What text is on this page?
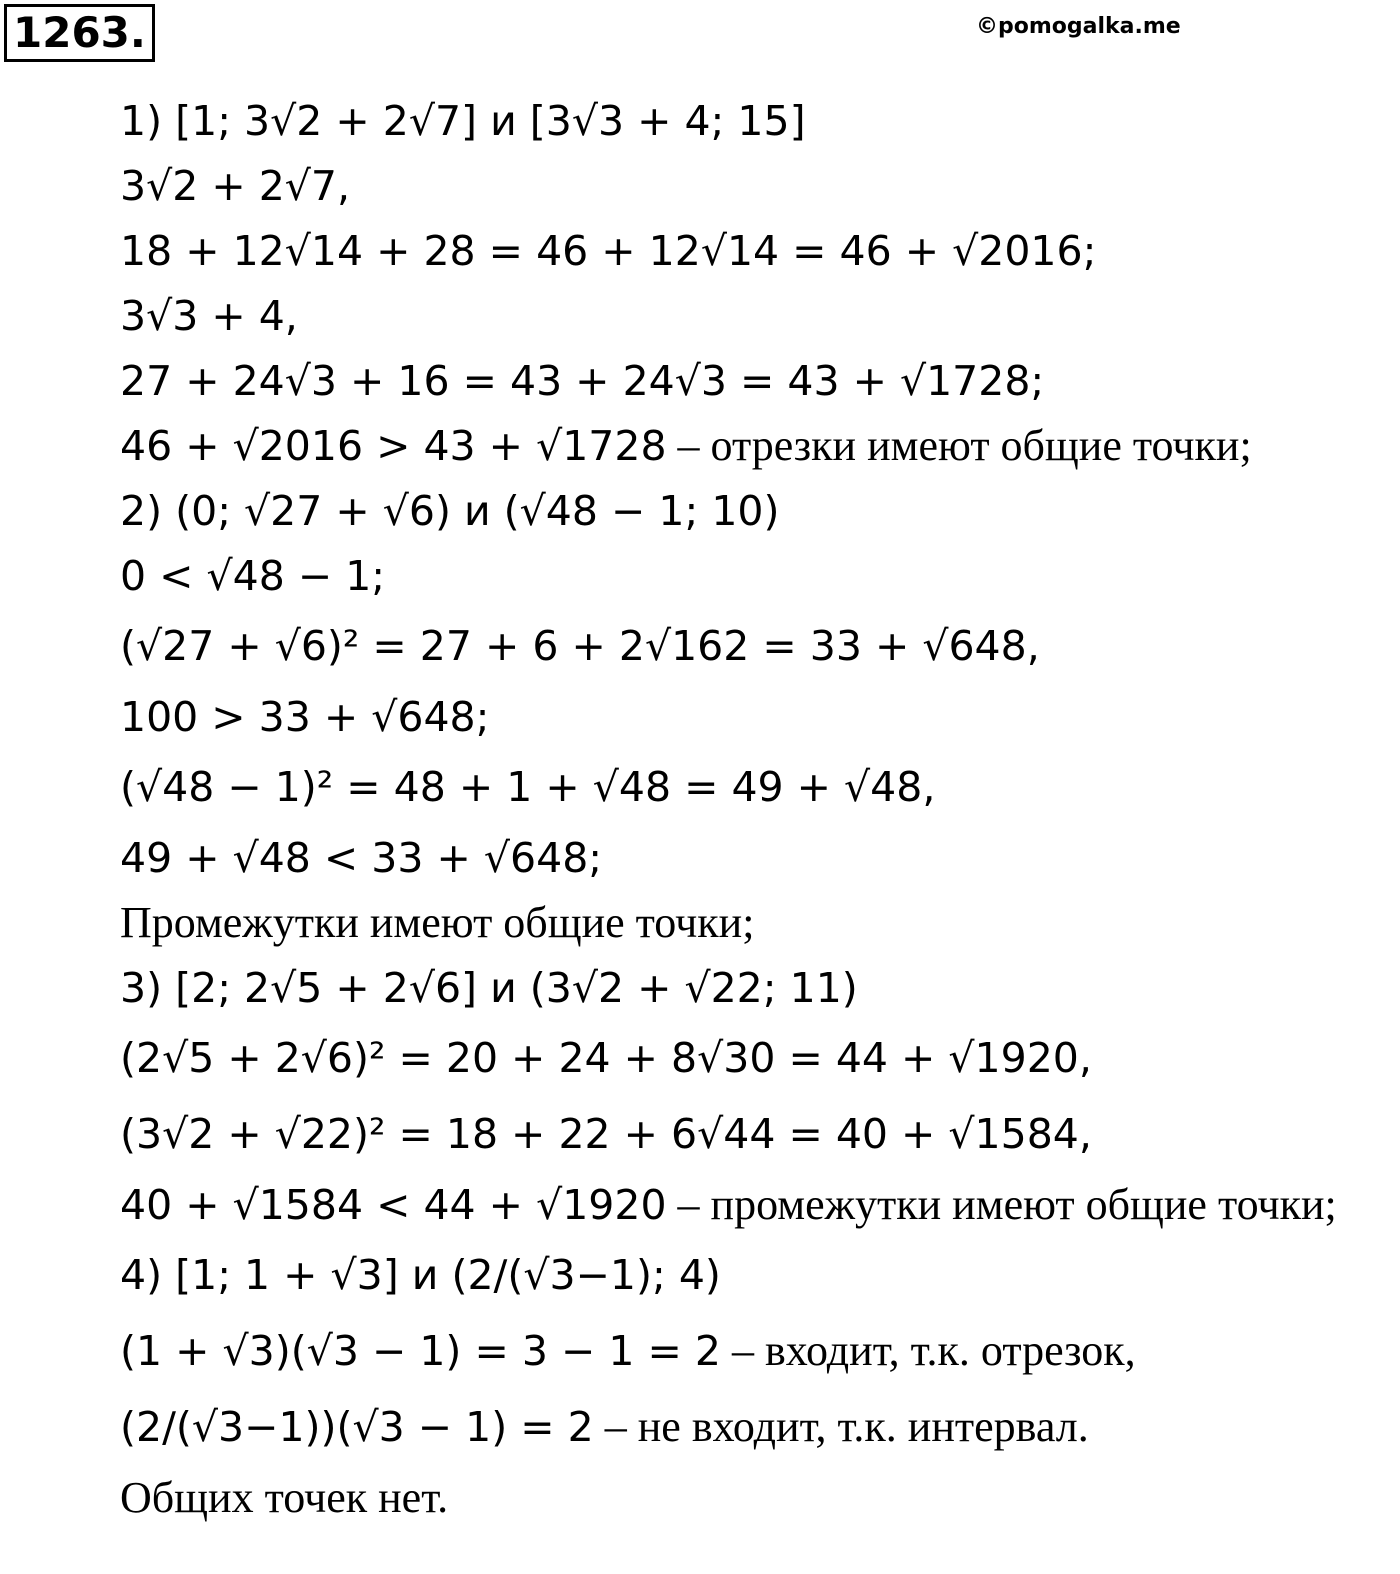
1263.	©pomogalka.me
1) [1; 3√2 + 2√7] и [3√3 + 4; 15]
3√2 + 2√7,
18 + 12√14 + 28 = 46 + 12√14 = 46 + √2016;
3√3 + 4,
27 + 24√3 + 16 = 43 + 24√3 = 43 + √1728;
46 + √2016 > 43 + √1728 – отрезки имеют общие точки;
2) (0; √27 + √6) и (√48 − 1; 10)
0 < √48 − 1;
(√27 + √6)² = 27 + 6 + 2√162 = 33 + √648,
100 > 33 + √648;
(√48 − 1)² = 48 + 1 + √48 = 49 + √48,
49 + √48 < 33 + √648;
Промежутки имеют общие точки;
3) [2; 2√5 + 2√6] и (3√2 + √22; 11)
(2√5 + 2√6)² = 20 + 24 + 8√30 = 44 + √1920,
(3√2 + √22)² = 18 + 22 + 6√44 = 40 + √1584,
40 + √1584 < 44 + √1920 – промежутки имеют общие точки;
4) [1; 1 + √3] и (2/(√3−1); 4)
(1 + √3)(√3 − 1) = 3 − 1 = 2 – входит, т.к. отрезок,
(2/(√3−1))(√3 − 1) = 2 – не входит, т.к. интервал.
Общих точек нет.
